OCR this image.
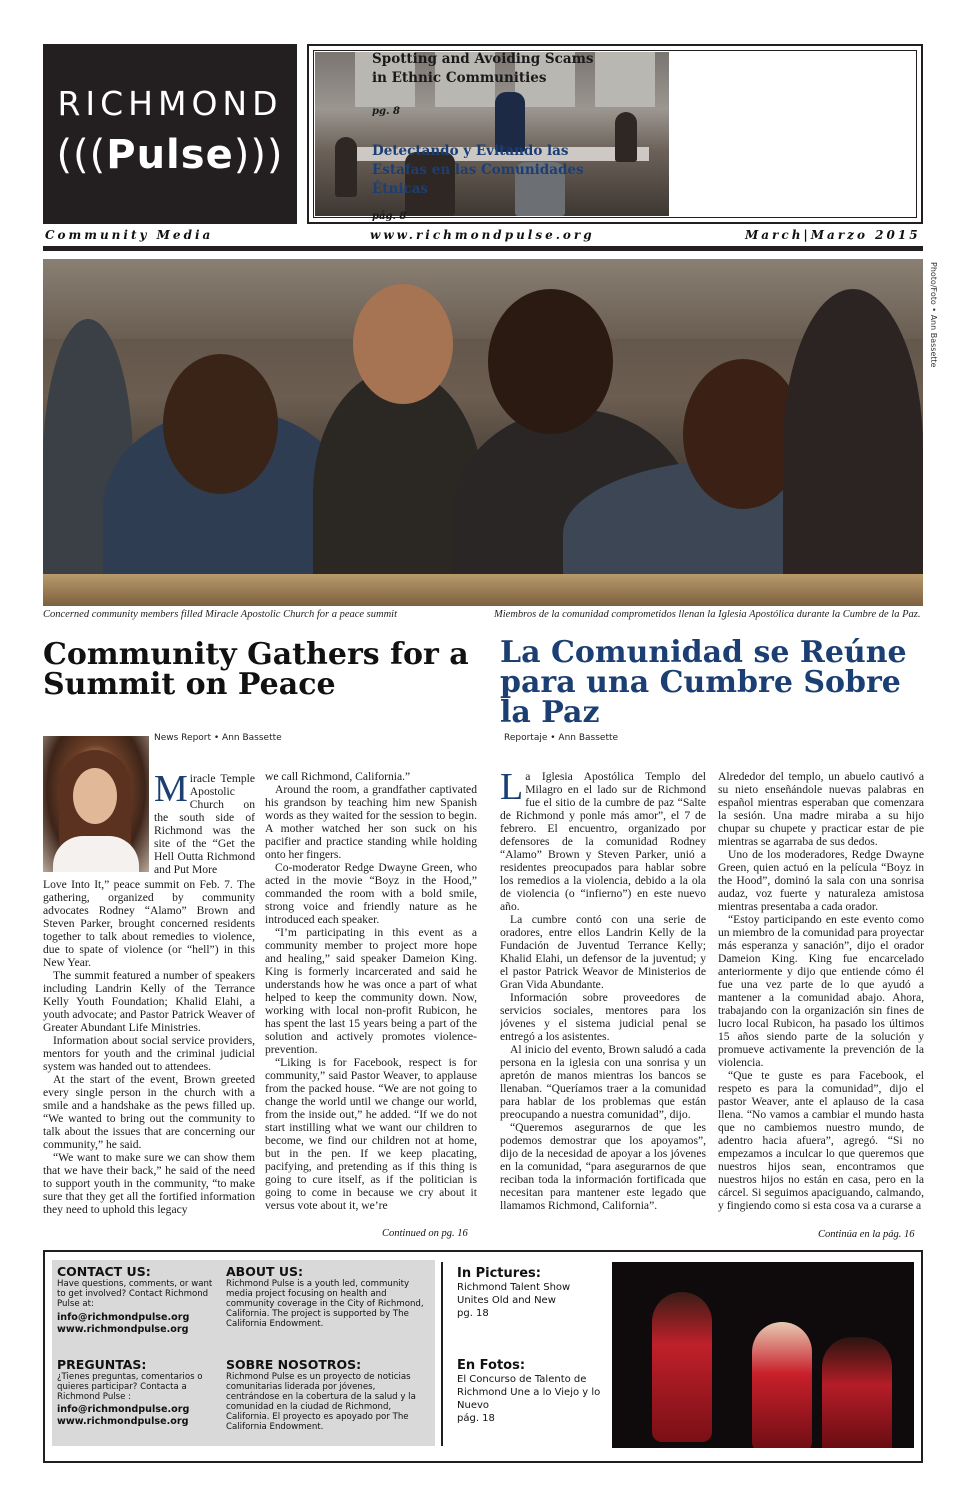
RICHMOND
(((Pulse)))
Spotting and Avoiding Scams in Ethnic Communities
pg. 8
Detectando y Evitando las Estafas en las Comunidades Étnicas
pág. 8
Community Media	www.richmondpulse.org	March|Marzo 2015
Photo/Foto • Ann Bassette
Concerned community members filled Miracle Apostolic Church for a peace summit	Miembros de la comunidad comprometidos llenan la Iglesia Apostólica durante la Cumbre de la Paz.
Community Gathers for a Summit on Peace
La Comunidad se Reúne para una Cumbre Sobre la Paz
News Report • Ann Bassette	Reportaje • Ann Bassette

Miracle Temple Apostolic Church on the south side of Richmond was the site of the “Get the Hell Outta Richmond and Put More

Love Into It,” peace summit on Feb. 7. The gathering, organized by community advocates Rodney “Alamo” Brown and Steven Parker, brought concerned residents together to talk about remedies to violence, due to spate of violence (or “hell”) in this New Year.

The summit featured a number of speakers including Landrin Kelly of the Terrance Kelly Youth Foundation; Khalid Elahi, a youth advocate; and Pastor Patrick Weaver of Greater Abundant Life Ministries.

Information about social service providers, mentors for youth and the criminal judicial system was handed out to attendees.

At the start of the event, Brown greeted every single person in the church with a smile and a handshake as the pews filled up. “We wanted to bring out the community to talk about the issues that are concerning our community,” he said.

“We want to make sure we can show them that we have their back,” he said of the need to support youth in the community, “to make sure that they get all the fortified information they need to uphold this legacy

we call Richmond, California.”

Around the room, a grandfather captivated his grandson by teaching him new Spanish words as they waited for the session to begin. A mother watched her son suck on his pacifier and practice standing while holding onto her fingers.

Co-moderator Redge Dwayne Green, who acted in the movie “Boyz in the Hood,” commanded the room with a bold smile, strong voice and friendly nature as he introduced each speaker.

“I’m participating in this event as a community member to project more hope and healing,” said speaker Dameion King. King is formerly incarcerated and said he understands how he was once a part of what helped to keep the community down. Now, working with local non-profit Rubicon, he has spent the last 15 years being a part of the solution and actively promotes violence-prevention.

“Liking is for Facebook, respect is for community,” said Pastor Weaver, to applause from the packed house. “We are not going to change the world until we change our world, from the inside out,” he added. “If we do not start instilling what we want our children to become, we find our children not at home, but in the pen. If we keep placating, pacifying, and pretending as if this thing is going to cure itself, as if the politician is going to come in because we cry about it versus vote about it, we’re

Continued on pg. 16

La Iglesia Apostólica Templo del Milagro en el lado sur de Richmond fue el sitio de la cumbre de paz “Salte de Richmond y ponle más amor”, el 7 de febrero. El encuentro, organizado por defensores de la comunidad Rodney “Alamo” Brown y Steven Parker, unió a residentes preocupados para hablar sobre los remedios a la violencia, debido a la ola de violencia (o “infierno”) en este nuevo año.

La cumbre contó con una serie de oradores, entre ellos Landrin Kelly de la Fundación de Juventud Terrance Kelly; Khalid Elahi, un defensor de la juventud; y el pastor Patrick Weavor de Ministerios de Gran Vida Abundante.

Información sobre proveedores de servicios sociales, mentores para los jóvenes y el sistema judicial penal se entregó a los asistentes.

Al inicio del evento, Brown saludó a cada persona en la iglesia con una sonrisa y un apretón de manos mientras los bancos se llenaban. “Queríamos traer a la comunidad para hablar de los problemas que están preocupando a nuestra comunidad”, dijo.

“Queremos asegurarnos de que les podemos demostrar que los apoyamos”, dijo de la necesidad de apoyar a los jóvenes en la comunidad, “para asegurarnos de que reciban toda la información fortificada que necesitan para mantener este legado que llamamos Richmond, California”.

Alrededor del templo, un abuelo cautivó a su nieto enseñándole nuevas palabras en español mientras esperaban que comenzara la sesión. Una madre miraba a su hijo chupar su chupete y practicar estar de pie mientras se agarraba de sus dedos.

Uno de los moderadores, Redge Dwayne Green, quien actuó en la película “Boyz in the Hood”, dominó la sala con una sonrisa audaz, voz fuerte y naturaleza amistosa mientras presentaba a cada orador.

“Estoy participando en este evento como un miembro de la comunidad para proyectar más esperanza y sanación”, dijo el orador Dameion King. King fue encarcelado anteriormente y dijo que entiende cómo él fue una vez parte de lo que ayudó a mantener a la comunidad abajo. Ahora, trabajando con la organización sin fines de lucro local Rubicon, ha pasado los últimos 15 años siendo parte de la solución y promueve activamente la prevención de la violencia.

“Que te guste es para Facebook, el respeto es para la comunidad”, dijo el pastor Weaver, ante el aplauso de la casa llena. “No vamos a cambiar el mundo hasta que no cambiemos nuestro mundo, de adentro hacia afuera”, agregó. “Si no empezamos a inculcar lo que queremos que nuestros hijos sean, encontramos que nuestros hijos no están en casa, pero en la cárcel. Si seguimos apaciguando, calmando, y fingiendo como si esta cosa va a curarse a

Continúa en la pág. 16
CONTACT US:
Have questions, comments, or want to get involved? Contact Richmond Pulse at:
info@richmondpulse.org
www.richmondpulse.org
ABOUT US:
Richmond Pulse is a youth led, community media project focusing on health and community coverage in the City of Richmond, California. The project is supported by The California Endowment.
PREGUNTAS:
¿Tienes preguntas, comentarios o quieres participar? Contacta a Richmond Pulse :
info@richmondpulse.org
www.richmondpulse.org
SOBRE NOSOTROS:
Richmond Pulse es un proyecto de noticias comunitarias liderada por jóvenes, centrándose en la cobertura de la salud y la comunidad en la ciudad de Richmond, California. El proyecto es apoyado por The California Endowment.
In Pictures:
Richmond Talent Show Unites Old and New
pg. 18
En Fotos:
El Concurso de Talento de Richmond Une a lo Viejo y lo Nuevo
pág. 18
